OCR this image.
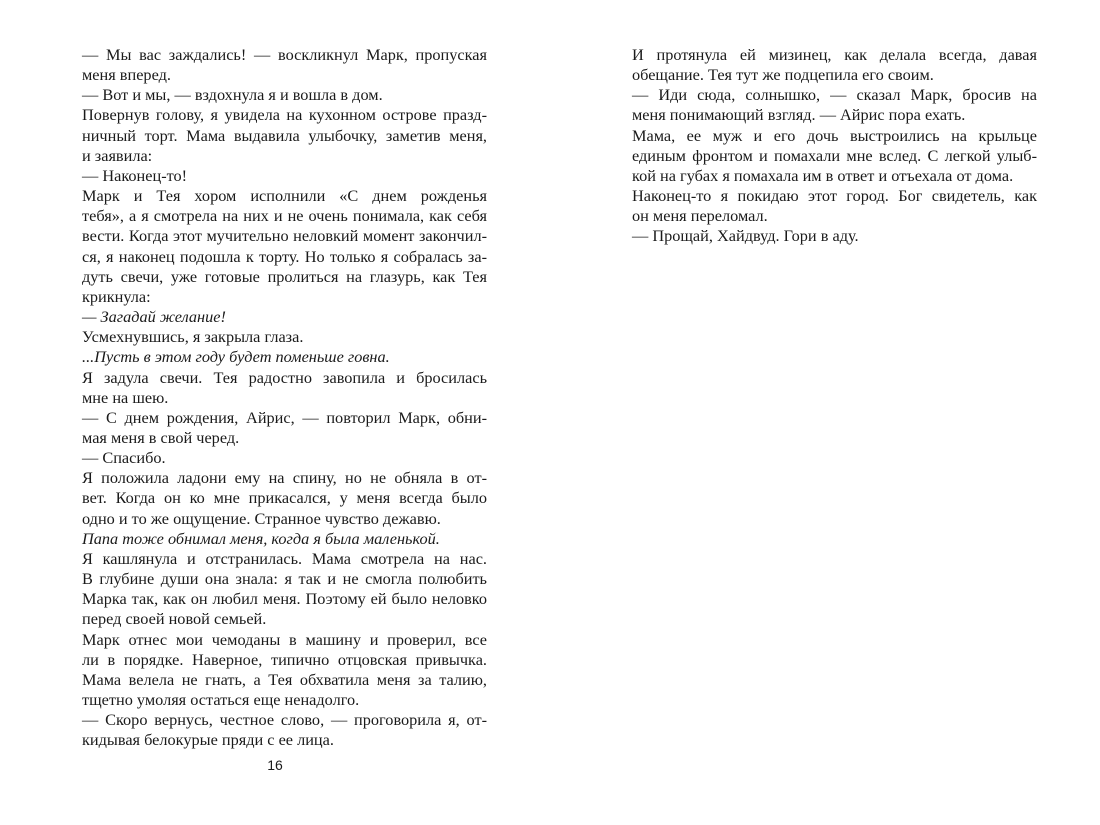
— Мы вас заждались! — воскликнул Марк, пропуская
меня вперед.

— Вот и мы, — вздохнула я и вошла в дом.

Повернув голову, я увидела на кухонном острове празд-
ничный торт. Мама выдавила улыбочку, заметив меня,
и заявила:

— Наконец-то!

Марк и Тея хором исполнили «С днем рожденья
тебя», а я смотрела на них и не очень понимала, как себя
вести. Когда этот мучительно неловкий момент закончил-
ся, я наконец подошла к торту. Но только я собралась за-
дуть свечи, уже готовые пролиться на глазурь, как Тея
крикнула:

— Загадай желание!

Усмехнувшись, я закрыла глаза.

...Пусть в этом году будет поменьше говна.

Я задула свечи. Тея радостно завопила и бросилась
мне на шею.

— С днем рождения, Айрис, — повторил Марк, обни-
мая меня в свой черед.

— Спасибо.

Я положила ладони ему на спину, но не обняла в от-
вет. Когда он ко мне прикасался, у меня всегда было
одно и то же ощущение. Странное чувство дежавю.

Папа тоже обнимал меня, когда я была маленькой.

Я кашлянула и отстранилась. Мама смотрела на нас.
В глубине души она знала: я так и не смогла полюбить
Марка так, как он любил меня. Поэтому ей было неловко
перед своей новой семьей.

Марк отнес мои чемоданы в машину и проверил, все
ли в порядке. Наверное, типично отцовская привычка.
Мама велела не гнать, а Тея обхватила меня за талию,
тщетно умоляя остаться еще ненадолго.

— Скоро вернусь, честное слово, — проговорила я, от-
кидывая белокурые пряди с ее лица.

И протянула ей мизинец, как делала всегда, давая
обещание. Тея тут же подцепила его своим.

— Иди сюда, солнышко, — сказал Марк, бросив на
меня понимающий взгляд. — Айрис пора ехать.

Мама, ее муж и его дочь выстроились на крыльце
единым фронтом и помахали мне вслед. С легкой улыб-
кой на губах я помахала им в ответ и отъехала от дома.

Наконец-то я покидаю этот город. Бог свидетель, как
он меня переломал.

— Прощай, Хайдвуд. Гори в аду.

16
